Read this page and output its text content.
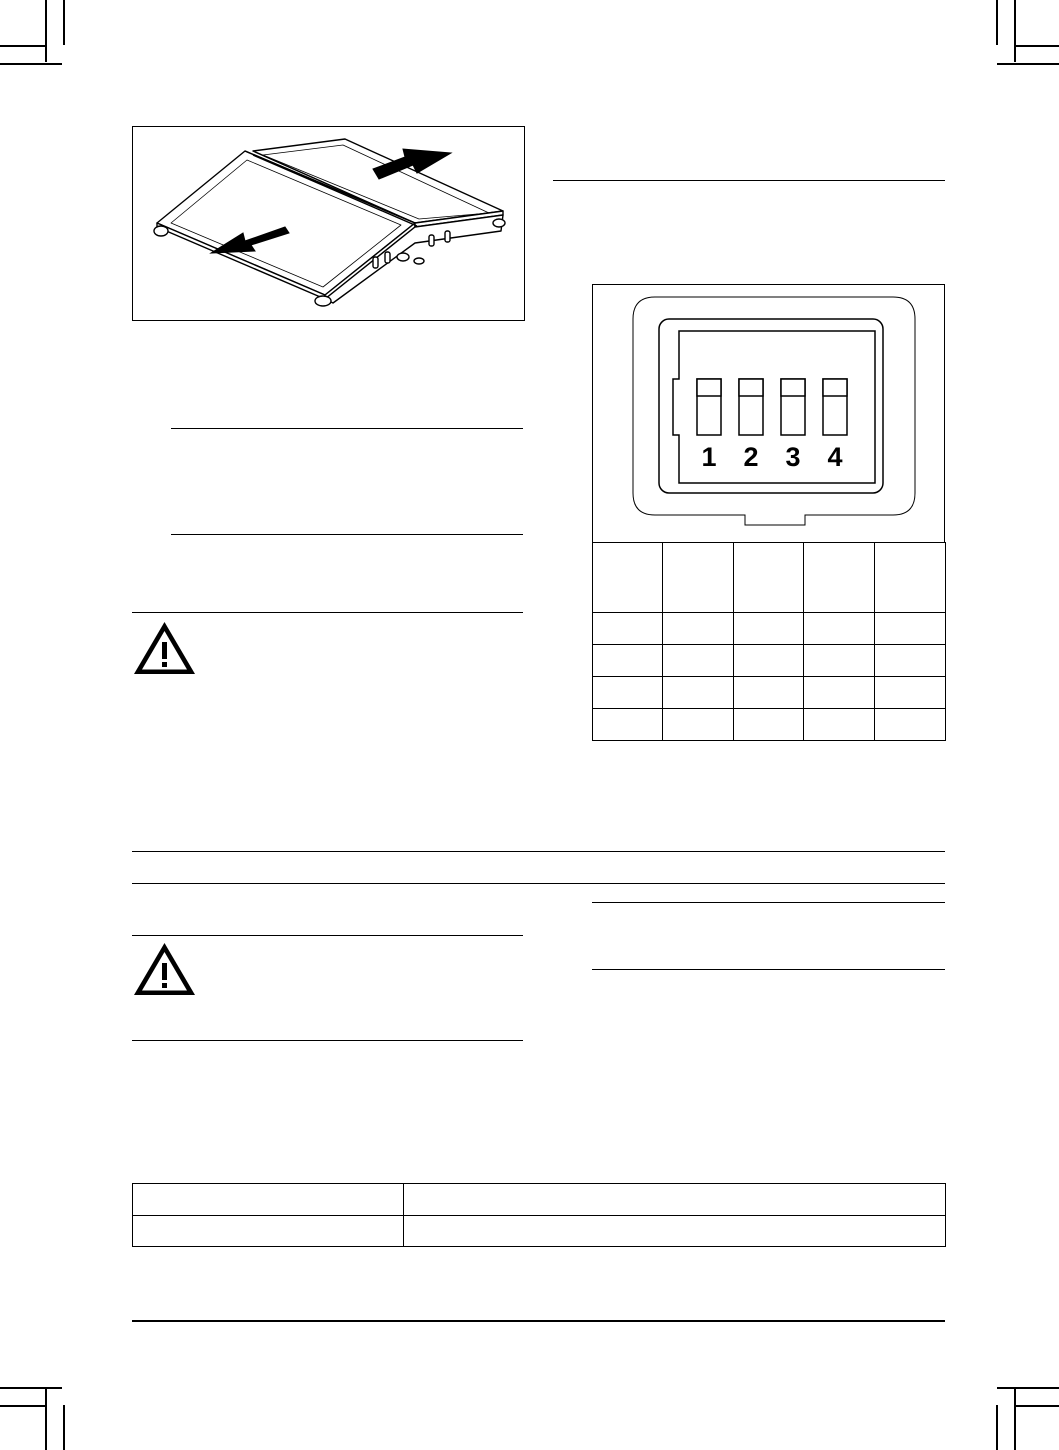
1 2 3 4
